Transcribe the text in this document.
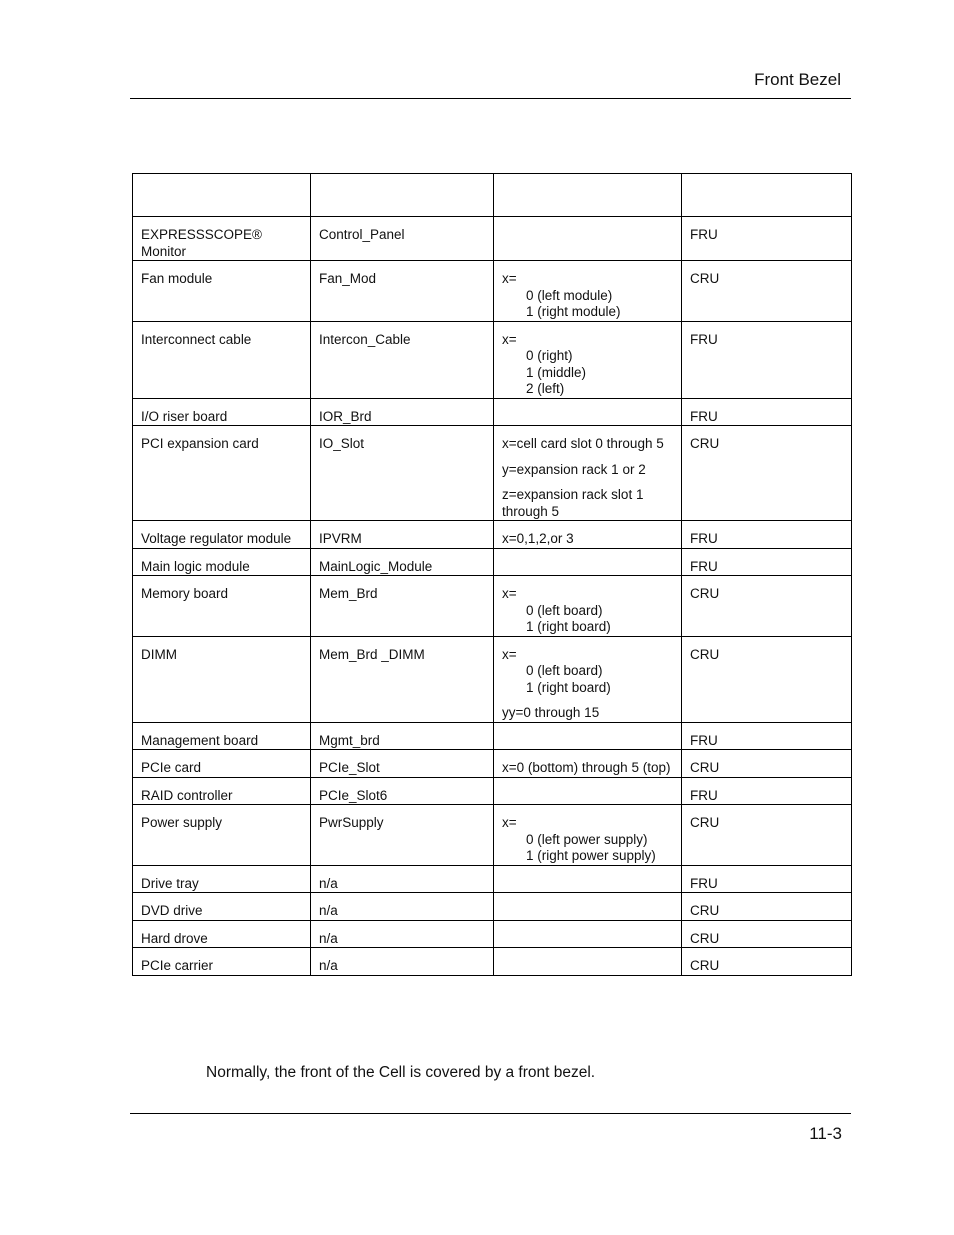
Front Bezel

EXPRESSSCOPE® Monitor	Control_Panel		FRU
Fan module	Fan_Mod	x=
0 (left module)
1 (right module)	CRU
Interconnect cable	Intercon_Cable	x=
0 (right)
1 (middle)
2 (left)	FRU
I/O riser board	IOR_Brd		FRU
PCI expansion card	IO_Slot	x=cell card slot 0 through 5
y=expansion rack 1 or 2
z=expansion rack slot 1 through 5	CRU
Voltage regulator module	IPVRM	x=0,1,2,or 3	FRU
Main logic module	MainLogic_Module		FRU
Memory board	Mem_Brd	x=
0 (left board)
1 (right board)	CRU
DIMM	Mem_Brd _DIMM	x=
0 (left board)
1 (right board)
yy=0 through 15	CRU
Management board	Mgmt_brd		FRU
PCIe card	PCIe_Slot	x=0 (bottom) through 5 (top)	CRU
RAID controller	PCIe_Slot6		FRU
Power supply	PwrSupply	x=
0 (left power supply)
1 (right power supply)	CRU
Drive tray	n/a		FRU
DVD drive	n/a		CRU
Hard drove	n/a		CRU
PCIe carrier	n/a		CRU
Normally, the front of the Cell is covered by a front bezel.
11-3
